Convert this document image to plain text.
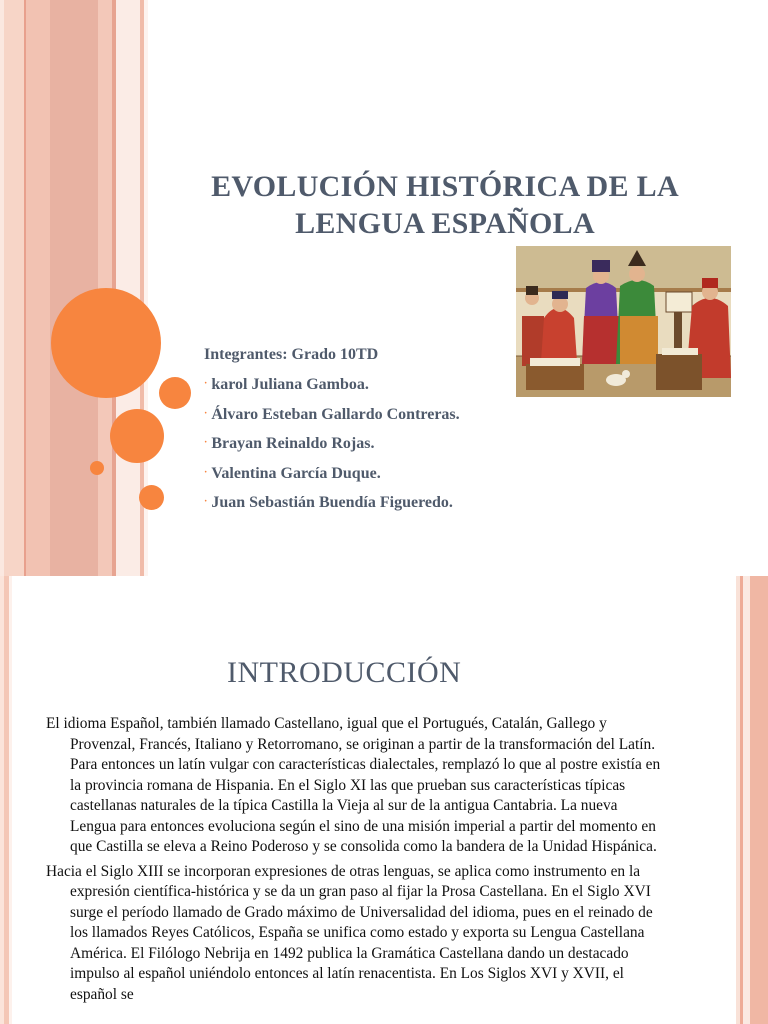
EVOLUCIÓN HISTÓRICA DE LA
LENGUA ESPAÑOLA
Integrantes: Grado 10TD
· karol Juliana Gamboa.
· Álvaro Esteban Gallardo Contreras.
· Brayan Reinaldo Rojas.
· Valentina García Duque.
· Juan Sebastián Buendía Figueredo.
INTRODUCCIÓN

El idioma Español, también llamado Castellano, igual que el Portugués, Catalán, Gallego y Provenzal, Francés, Italiano y Retorromano, se originan a partir de la transformación del Latín. Para entonces un latín vulgar con características dialectales, remplazó lo que al postre existía en la provincia romana de Hispania. En el Siglo XI las que prueban sus características típicas castellanas naturales de la típica Castilla la Vieja al sur de la antigua Cantabria. La nueva Lengua para entonces evoluciona según el sino de una misión imperial a partir del momento en que Castilla se eleva a Reino Poderoso y se consolida como la bandera de la Unidad Hispánica.

Hacia el Siglo XIII se incorporan expresiones de otras lenguas, se aplica como instrumento en la expresión científica-histórica y se da un gran paso al fijar la Prosa Castellana. En el Siglo XVI surge el período llamado de Grado máximo de Universalidad del idioma, pues en el reinado de los llamados Reyes Católicos, España se unifica como estado y exporta su Lengua Castellana América. El Filólogo Nebrija en 1492 publica la Gramática Castellana dando un destacado impulso al español uniéndolo entonces al latín renacentista. En Los Siglos XVI y XVII, el español se
